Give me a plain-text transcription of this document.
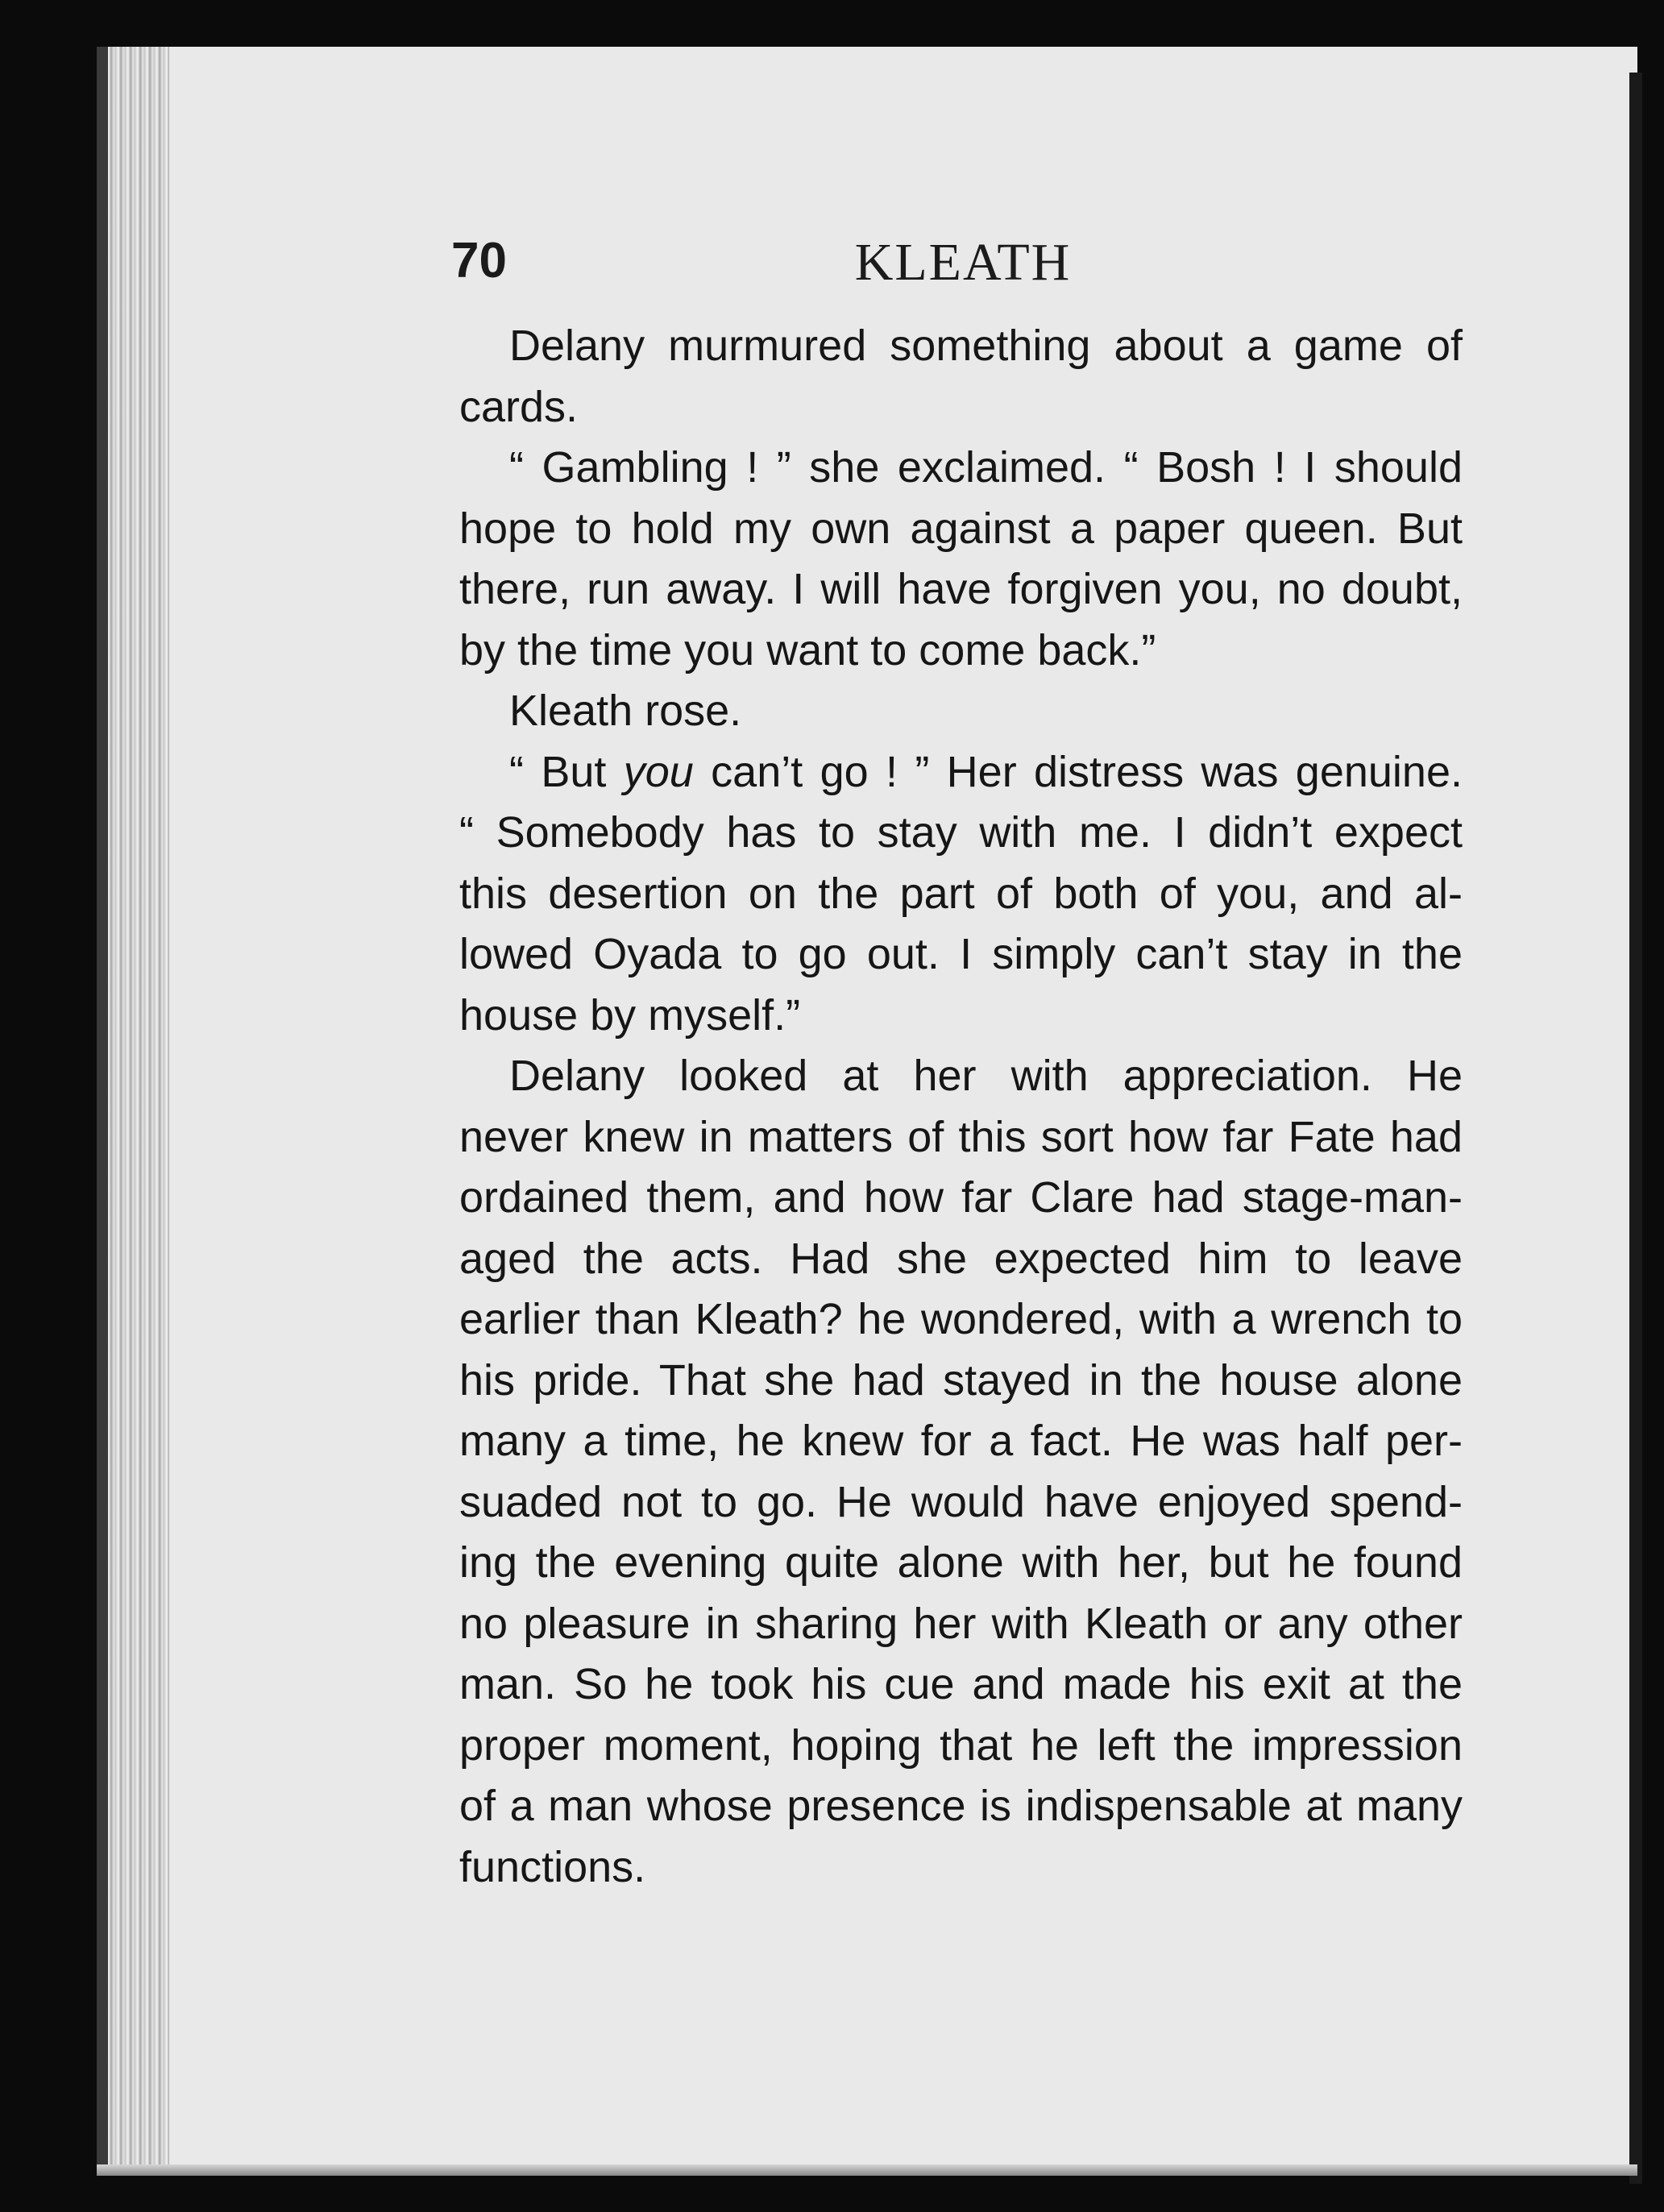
70	KLEATH
Delany murmured something about a game of
cards.
“ Gambling ! ” she exclaimed. “ Bosh ! I should
hope to hold my own against a paper queen. But
there, run away. I will have forgiven you, no doubt,
by the time you want to come back.”
Kleath rose.
“ But you can’t go ! ” Her distress was genuine.
“ Somebody has to stay with me. I didn’t expect
this desertion on the part of both of you, and al-
lowed Oyada to go out. I simply can’t stay in the
house by myself.”
Delany looked at her with appreciation. He
never knew in matters of this sort how far Fate had
ordained them, and how far Clare had stage-man-
aged the acts. Had she expected him to leave
earlier than Kleath? he wondered, with a wrench to
his pride. That she had stayed in the house alone
many a time, he knew for a fact. He was half per-
suaded not to go. He would have enjoyed spend-
ing the evening quite alone with her, but he found
no pleasure in sharing her with Kleath or any other
man. So he took his cue and made his exit at the
proper moment, hoping that he left the impression
of a man whose presence is indispensable at many
functions.
